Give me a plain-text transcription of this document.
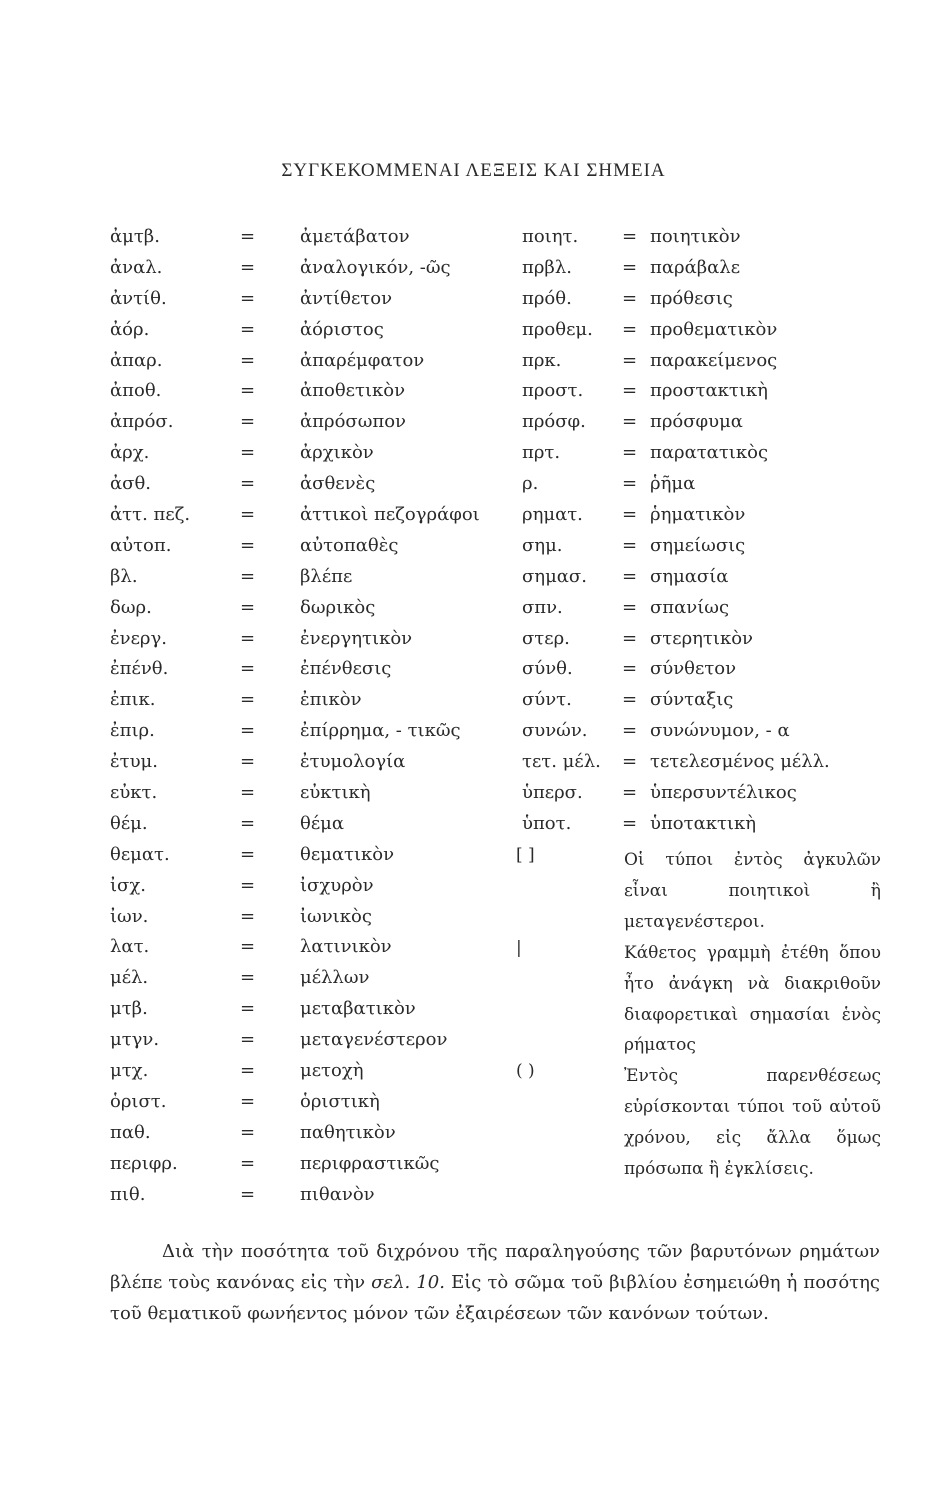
ΣΥΓΚΕΚΟΜΜΕΝΑΙ ΛΕΞΕΙΣ ΚΑΙ ΣΗΜΕΙΑ
ἀμτβ.	= ἀμετάβατον
ἀναλ.	= ἀναλογικόν, -ῶς
ἀντίθ.	= ἀντίθετον
ἀόρ.	= ἀόριστος
ἀπαρ.	= ἀπαρέμφατον
ἀποθ.	= ἀποθετικὸν
ἀπρόσ.	= ἀπρόσωπον
ἀρχ.	= ἀρχικὸν
ἀσθ.	= ἀσθενὲς
ἀττ. πεζ.	= ἀττικοὶ πεζογράφοι
αὐτοπ.	= αὐτοπαθὲς
βλ.	= βλέπε
δωρ.	= δωρικὸς
ἐνεργ.	= ἐνεργητικὸν
ἐπένθ.	= ἐπένθεσις
ἐπικ.	= ἐπικὸν
ἐπιρ.	= ἐπίρρημα, - τικῶς
ἐτυμ.	= ἐτυμολογία
εὐκτ.	= εὐκτικὴ
θέμ.	= θέμα
θεματ.	= θεματικὸν
ἰσχ.	= ἰσχυρὸν
ἰων.	= ἰωνικὸς
λατ.	= λατινικὸν
μέλ.	= μέλλων
μτβ.	= μεταβατικὸν
μτγν.	= μεταγενέστερον
μτχ.	= μετοχὴ
ὁριστ.	= ὁριστικὴ
παθ.	= παθητικὸν
περιφρ.	= περιφραστικῶς
πιθ.	= πιθανὸν
ποιητ. = ποιητικὸν
πρβλ.	= παράβαλε
πρόθ.	= πρόθεσις
προθεμ. = προθεματικὸν
πρκ.	= παρακείμενος
προστ. = προστακτικὴ
πρόσφ. = πρόσφυμα
πρτ.	= παρατατικὸς
ρ.	= ῥῆμα
ρηματ. = ῥηματικὸν
σημ.	= σημείωσις
σημασ. = σημασία
σπν.	= σπανίως
στερ.	= στερητικὸν
σύνθ.	= σύνθετον
σύντ.	= σύνταξις
συνών. = συνώνυμον, - α
τετ. μέλ. = τετελεσμένος μέλλ.
ὑπερσ. = ὑπερσυντέλικος
ὑποτ.	= ὑποτακτικὴ
[ ]	Οἱ τύποι ἐντὸς ἀγκυλῶν εἶναι ποιητικοὶ ἢ μεταγενέστεροι.
|	Κάθετος γραμμὴ ἐτέθη ὅπου ἦτο ἀνάγκη νὰ διακριθοῦν διαφορετικαὶ σημασίαι ἑνὸς ρήματος
( )	Ἐντὸς παρενθέσεως εὑρίσκονται τύποι τοῦ αὐτοῦ χρόνου, εἰς ἄλλα ὅμως πρόσωπα ἢ ἐγκλίσεις.
Διὰ τὴν ποσότητα τοῦ διχρόνου τῆς παραληγούσης τῶν βαρυτόνων ρημάτων βλέπε τοὺς κανόνας εἰς τὴν σελ. 10. Εἰς τὸ σῶμα τοῦ βιβλίου ἐσημειώθη ἡ ποσότης τοῦ θεματικοῦ φωνήεντος μόνον τῶν ἐξαιρέσεων τῶν κανόνων τούτων.
